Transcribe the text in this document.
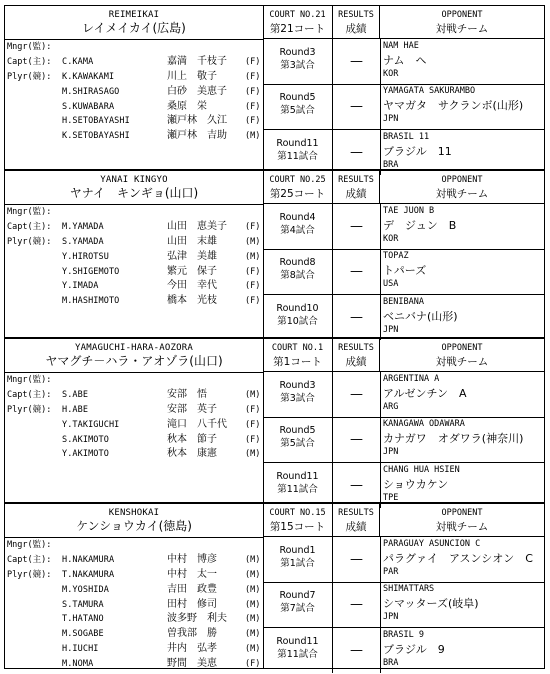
REIMEIKAI
レイメイカイ(広島)
Mngr(監):
Capt(主): C.KAMA	嘉満　千枝子 (F)
Plyr(競): K.KAWAKAMI	川上　敬子	(F)
M.SHIRASAGO	白砂　美恵子 (F)
S.KUWABARA	桑原　栄	(F)
H.SETOBAYASHI	瀬戸林　久江 (F)
K.SETOBAYASHI	瀬戸林　吉助 (M)
COURT NO.21
第21コート
RESULTS
成績
OPPONENT
対戦チーム
Round3
第3試合	—
NAM HAE
ナム　ヘ
KOR
Round5
第5試合	—
YAMAGATA SAKURAMBO
ヤマガタ　サクランボ(山形)
JPN
Round11
第11試合	—
BRASIL 11
ブラジル　11
BRA
YANAI KINGYO
ヤナイ　キンギョ(山口)
Mngr(監):
Capt(主): M.YAMADA	山田　恵美子 (F)
Plyr(競): S.YAMADA	山田　末雄	(M)
Y.HIROTSU	弘津　美雄	(M)
Y.SHIGEMOTO	繁元　保子	(F)
Y.IMADA	今田　幸代	(F)
M.HASHIMOTO	橋本　光枝	(F)
COURT NO.25
第25コート
RESULTS
成績
OPPONENT
対戦チーム
Round4
第4試合	—
TAE JUON B
デ　ジュン　B
KOR
Round8
第8試合	—
TOPAZ
トパーズ
USA
Round10
第10試合	—
BENIBANA
ベニバナ(山形)
JPN
YAMAGUCHI-HARA-AOZORA
ヤマグチ－ハラ・アオゾラ(山口)
Mngr(監):
Capt(主): S.ABE	安部　悟	(M)
Plyr(競): H.ABE	安部　英子	(F)
Y.TAKIGUCHI	滝口　八千代 (F)
S.AKIMOTO	秋本　節子	(F)
Y.AKIMOTO	秋本　康憲	(M)
COURT NO.1
第1コート
RESULTS
成績
OPPONENT
対戦チーム
Round3
第3試合	—
ARGENTINA A
アルゼンチン　A
ARG
Round5
第5試合	—
KANAGAWA ODAWARA
カナガワ　オダワラ(神奈川)
JPN
Round11
第11試合	—
CHANG HUA HSIEN
ショウカケン
TPE
KENSHOKAI
ケンショウカイ(徳島)
Mngr(監):
Capt(主): H.NAKAMURA	中村　博彦	(M)
Plyr(競): T.NAKAMURA	中村　太一	(M)
M.YOSHIDA	吉田　政豊	(M)
S.TAMURA	田村　修司	(M)
T.HATANO	波多野　利夫 (M)
M.SOGABE	曽我部　勝	(M)
H.IUCHI	井内　弘孝	(M)
M.NOMA	野間　美恵	(F)
COURT NO.15
第15コート
RESULTS
成績
OPPONENT
対戦チーム
Round1
第1試合	—
PARAGUAY ASUNCION C
パラグァイ　アスンシオン　C
PAR
Round7
第7試合	—
SHIMATTARS
シマッターズ(岐阜)
JPN
Round11
第11試合	—
BRASIL 9
ブラジル　9
BRA
